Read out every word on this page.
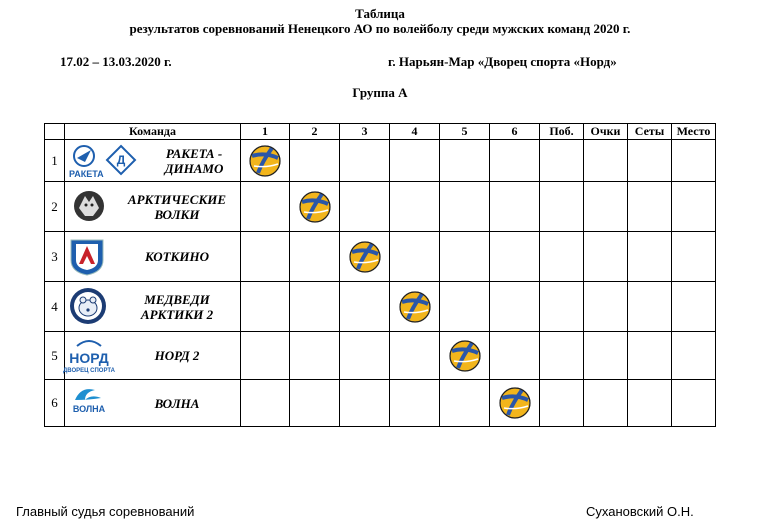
Таблица
результатов соревнований Ненецкого АО по волейболу среди мужских команд 2020 г.
17.02 – 13.03.2020 г.	г. Нарьян-Мар «Дворец спорта «Норд»
Группа А
	Команда	1	2	3	4	5	6	Поб.	Очки	Сеты	Место
1	РАКЕТА
Д РАКЕТА -
ДИНАМО

2	АРКТИЧЕСКИЕ
ВОЛКИ

3	КОТКИНО

4	МЕДВЕДИ
АРКТИКИ 2

5	НОРД
ДВОРЕЦ СПОРТА
НОРД 2

6	ВОЛНА ВОЛНА

Главный судья соревнований	Сухановский О.Н.
